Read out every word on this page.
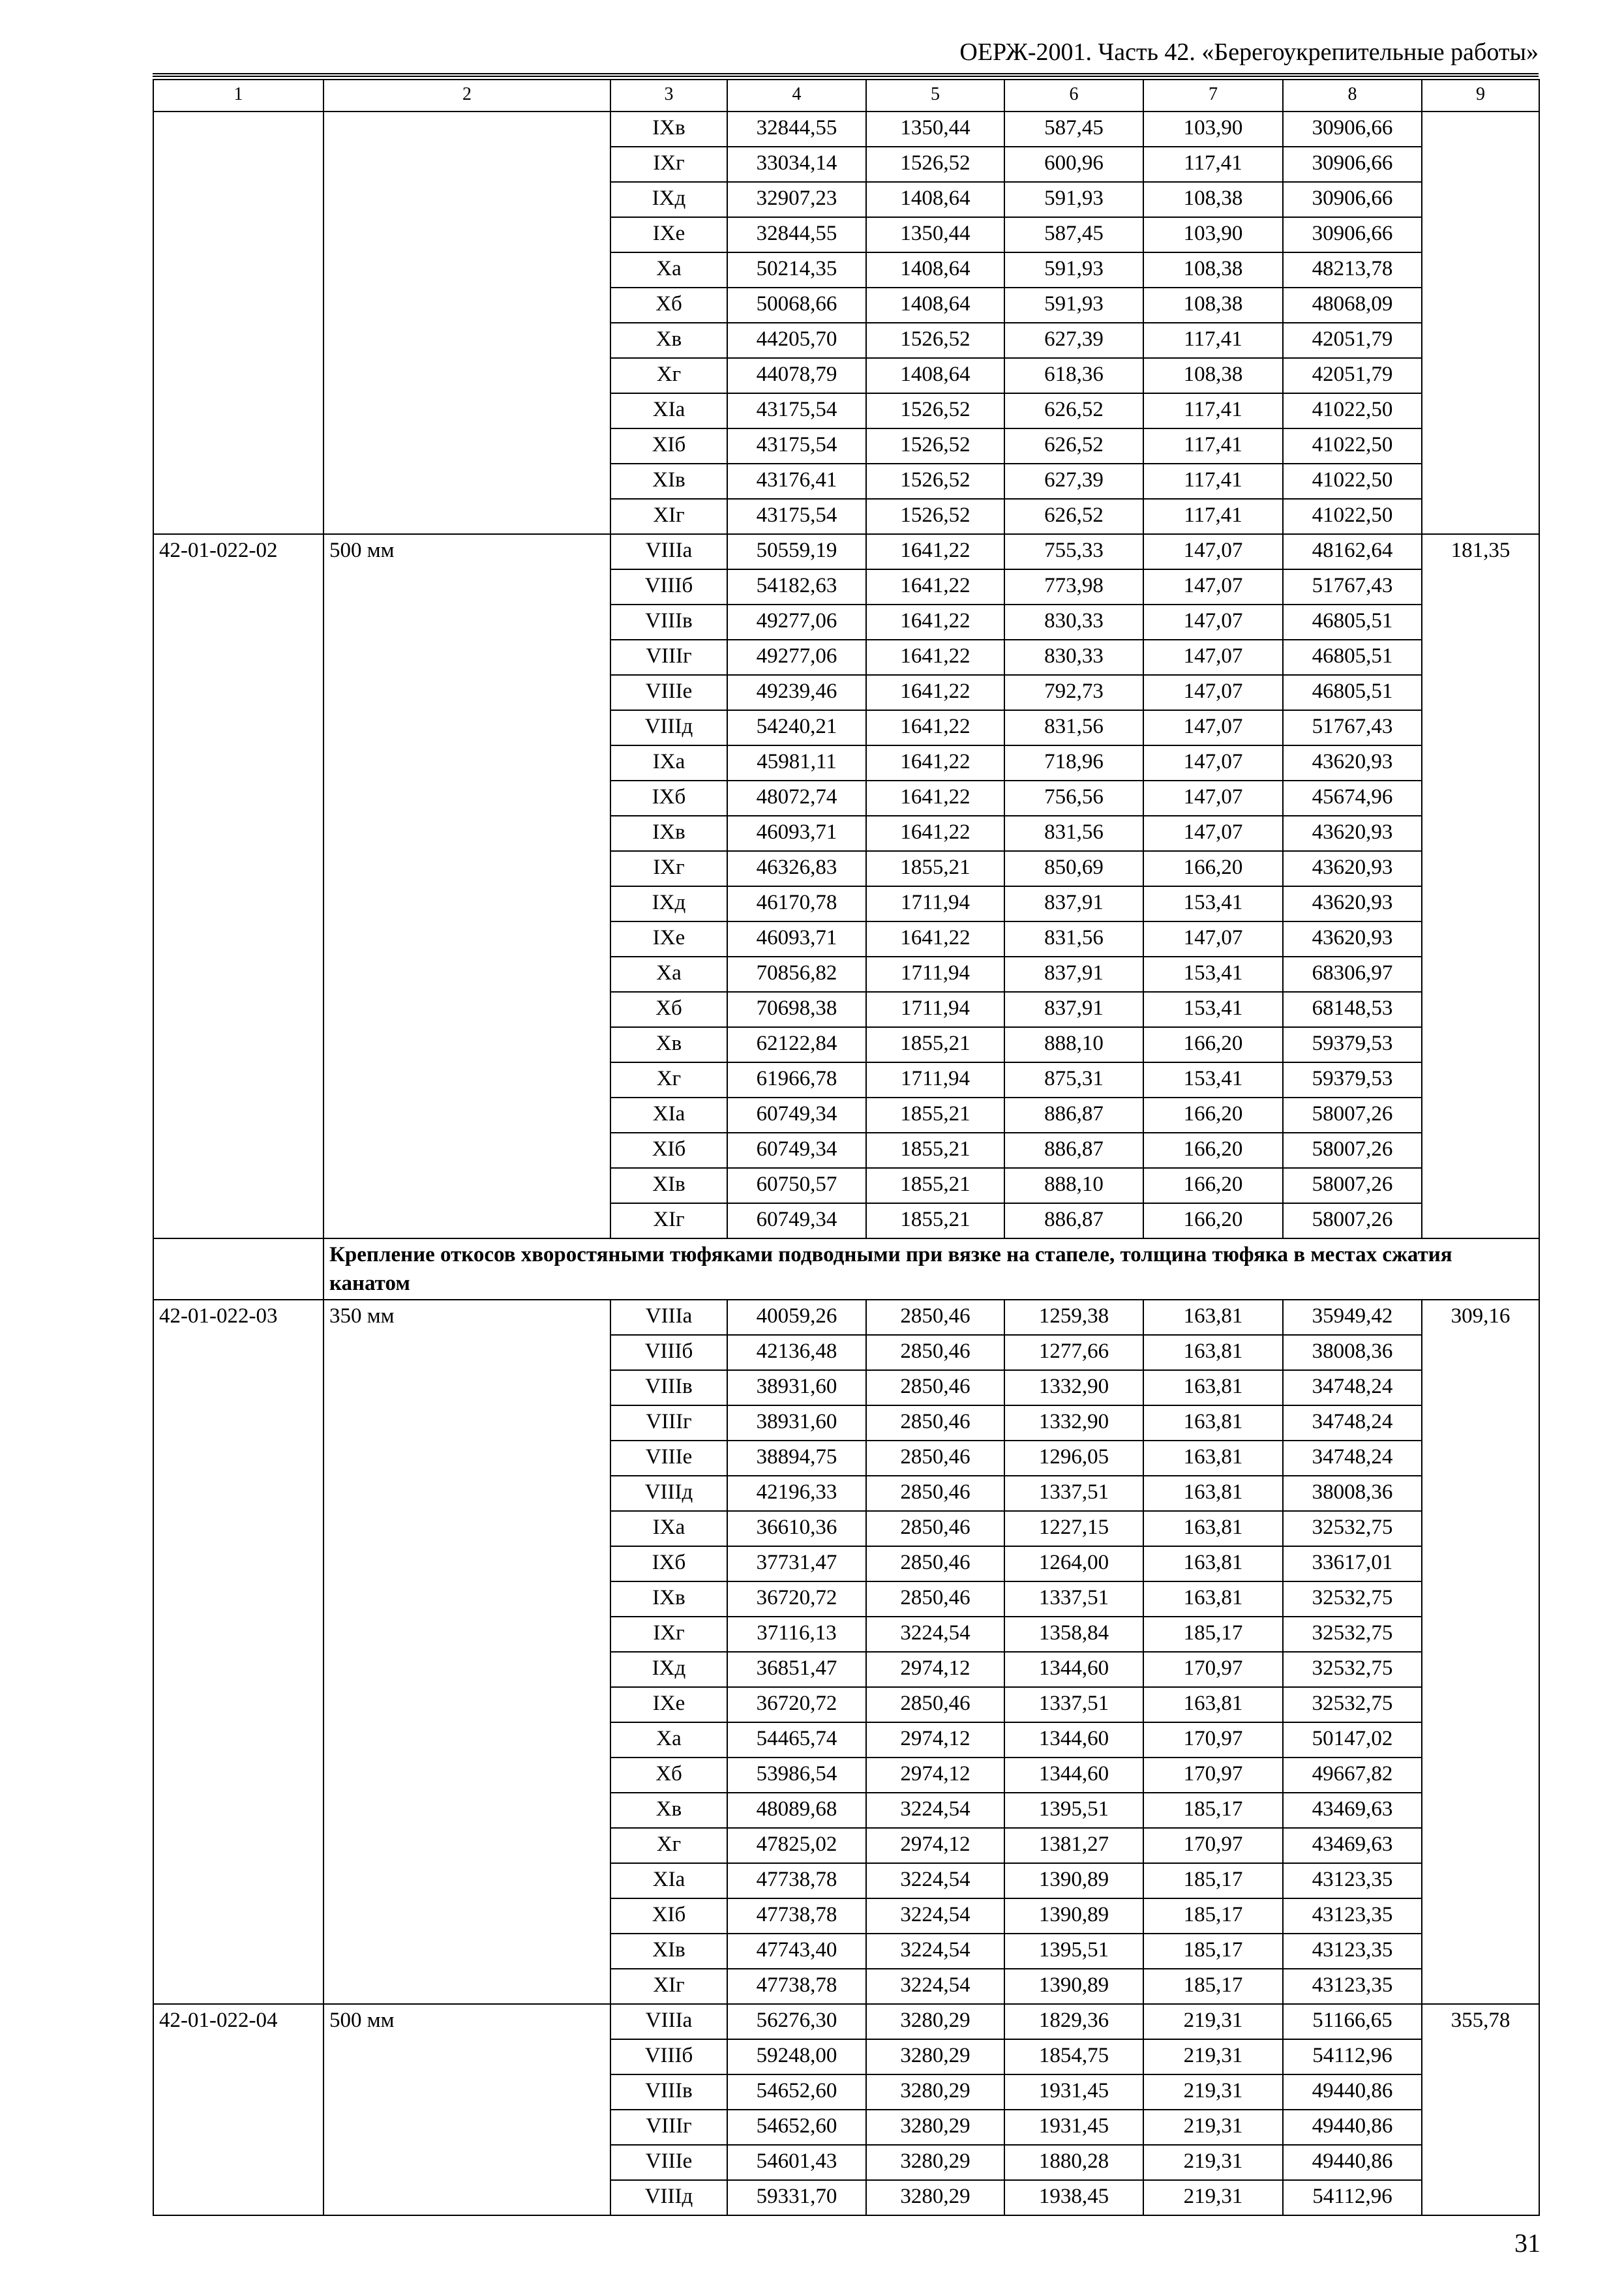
ОЕРЖ-2001. Часть 42. «Берегоукрепительные работы»
1	2	3	4	5	6	7	8	9
		IXв	32844,55	1350,44	587,45	103,90	30906,66	
		IXг	33034,14	1526,52	600,96	117,41	30906,66	
		IXд	32907,23	1408,64	591,93	108,38	30906,66	
		IXе	32844,55	1350,44	587,45	103,90	30906,66	
		Xа	50214,35	1408,64	591,93	108,38	48213,78	
		Xб	50068,66	1408,64	591,93	108,38	48068,09	
		Xв	44205,70	1526,52	627,39	117,41	42051,79	
		Xг	44078,79	1408,64	618,36	108,38	42051,79	
		XIа	43175,54	1526,52	626,52	117,41	41022,50	
		XIб	43175,54	1526,52	626,52	117,41	41022,50	
		XIв	43176,41	1526,52	627,39	117,41	41022,50	
		XIг	43175,54	1526,52	626,52	117,41	41022,50	
42-01-022-02	500 мм	VIIIа	50559,19	1641,22	755,33	147,07	48162,64	181,35
		VIIIб	54182,63	1641,22	773,98	147,07	51767,43	
		VIIIв	49277,06	1641,22	830,33	147,07	46805,51	
		VIIIг	49277,06	1641,22	830,33	147,07	46805,51	
		VIIIе	49239,46	1641,22	792,73	147,07	46805,51	
		VIIIд	54240,21	1641,22	831,56	147,07	51767,43	
		IXа	45981,11	1641,22	718,96	147,07	43620,93	
		IXб	48072,74	1641,22	756,56	147,07	45674,96	
		IXв	46093,71	1641,22	831,56	147,07	43620,93	
		IXг	46326,83	1855,21	850,69	166,20	43620,93	
		IXд	46170,78	1711,94	837,91	153,41	43620,93	
		IXе	46093,71	1641,22	831,56	147,07	43620,93	
		Xа	70856,82	1711,94	837,91	153,41	68306,97	
		Xб	70698,38	1711,94	837,91	153,41	68148,53	
		Xв	62122,84	1855,21	888,10	166,20	59379,53	
		Xг	61966,78	1711,94	875,31	153,41	59379,53	
		XIа	60749,34	1855,21	886,87	166,20	58007,26	
		XIб	60749,34	1855,21	886,87	166,20	58007,26	
		XIв	60750,57	1855,21	888,10	166,20	58007,26	
		XIг	60749,34	1855,21	886,87	166,20	58007,26	
	Крепление откосов хворостяными тюфяками подводными при вязке на стапеле, толщина тюфяка в местах сжатия канатом							
42-01-022-03	350 мм	VIIIа	40059,26	2850,46	1259,38	163,81	35949,42	309,16
		VIIIб	42136,48	2850,46	1277,66	163,81	38008,36	
		VIIIв	38931,60	2850,46	1332,90	163,81	34748,24	
		VIIIг	38931,60	2850,46	1332,90	163,81	34748,24	
		VIIIе	38894,75	2850,46	1296,05	163,81	34748,24	
		VIIIд	42196,33	2850,46	1337,51	163,81	38008,36	
		IXа	36610,36	2850,46	1227,15	163,81	32532,75	
		IXб	37731,47	2850,46	1264,00	163,81	33617,01	
		IXв	36720,72	2850,46	1337,51	163,81	32532,75	
		IXг	37116,13	3224,54	1358,84	185,17	32532,75	
		IXд	36851,47	2974,12	1344,60	170,97	32532,75	
		IXе	36720,72	2850,46	1337,51	163,81	32532,75	
		Xа	54465,74	2974,12	1344,60	170,97	50147,02	
		Xб	53986,54	2974,12	1344,60	170,97	49667,82	
		Xв	48089,68	3224,54	1395,51	185,17	43469,63	
		Xг	47825,02	2974,12	1381,27	170,97	43469,63	
		XIа	47738,78	3224,54	1390,89	185,17	43123,35	
		XIб	47738,78	3224,54	1390,89	185,17	43123,35	
		XIв	47743,40	3224,54	1395,51	185,17	43123,35	
		XIг	47738,78	3224,54	1390,89	185,17	43123,35	
42-01-022-04	500 мм	VIIIа	56276,30	3280,29	1829,36	219,31	51166,65	355,78
		VIIIб	59248,00	3280,29	1854,75	219,31	54112,96	
		VIIIв	54652,60	3280,29	1931,45	219,31	49440,86	
		VIIIг	54652,60	3280,29	1931,45	219,31	49440,86	
		VIIIе	54601,43	3280,29	1880,28	219,31	49440,86	
		VIIIд	59331,70	3280,29	1938,45	219,31	54112,96	
31
